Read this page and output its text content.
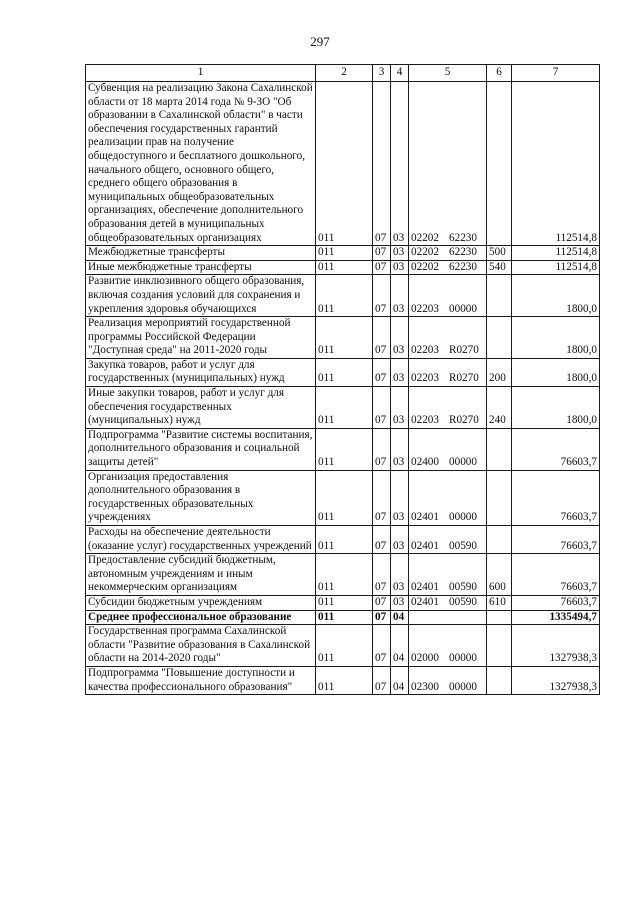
297
1	2	3	4	5	6	7
Субвенция на реализацию Закона Сахалинской области от 18 марта 2014 года № 9-ЗО "Об образовании в Сахалинской области" в части обеспечения государственных гарантий реализации прав на получение общедоступного и бесплатного дошкольного, начального общего, основного общего, среднего общего образования в муниципальных общеобразовательных организациях, обеспечение дополнительного образования детей в муниципальных общеобразовательных организациях	011	07	03	02202 62230		112514,8
Межбюджетные трансферты	011	07	03	02202 62230	500	112514,8
Иные межбюджетные трансферты	011	07	03	02202 62230	540	112514,8
Развитие инклюзивного общего образования, включая создания условий для сохранения и укрепления здоровья обучающихся	011	07	03	02203 00000		1800,0
Реализация мероприятий государственной программы Российской Федерации "Доступная среда" на 2011-2020 годы	011	07	03	02203 R0270		1800,0
Закупка товаров, работ и услуг для государственных (муниципальных) нужд	011	07	03	02203 R0270	200	1800,0
Иные закупки товаров, работ и услуг для обеспечения государственных (муниципальных) нужд	011	07	03	02203 R0270	240	1800,0
Подпрограмма "Развитие системы воспитания, дополнительного образования и социальной защиты детей"	011	07	03	02400 00000		76603,7
Организация предоставления дополнительного образования в государственных образовательных учреждениях	011	07	03	02401 00000		76603,7
Расходы на обеспечение деятельности (оказание услуг) государственных учреждений	011	07	03	02401 00590		76603,7
Предоставление субсидий бюджетным, автономным учреждениям и иным некоммерческим организациям	011	07	03	02401 00590	600	76603,7
Субсидии бюджетным учреждениям	011	07	03	02401 00590	610	76603,7
Среднее профессиональное образование	011	07	04			1335494,7
Государственная программа Сахалинской области "Развитие образования в Сахалинской области на 2014-2020 годы"	011	07	04	02000 00000		1327938,3
Подпрограмма "Повышение доступности и качества профессионального образования"	011	07	04	02300 00000		1327938,3
